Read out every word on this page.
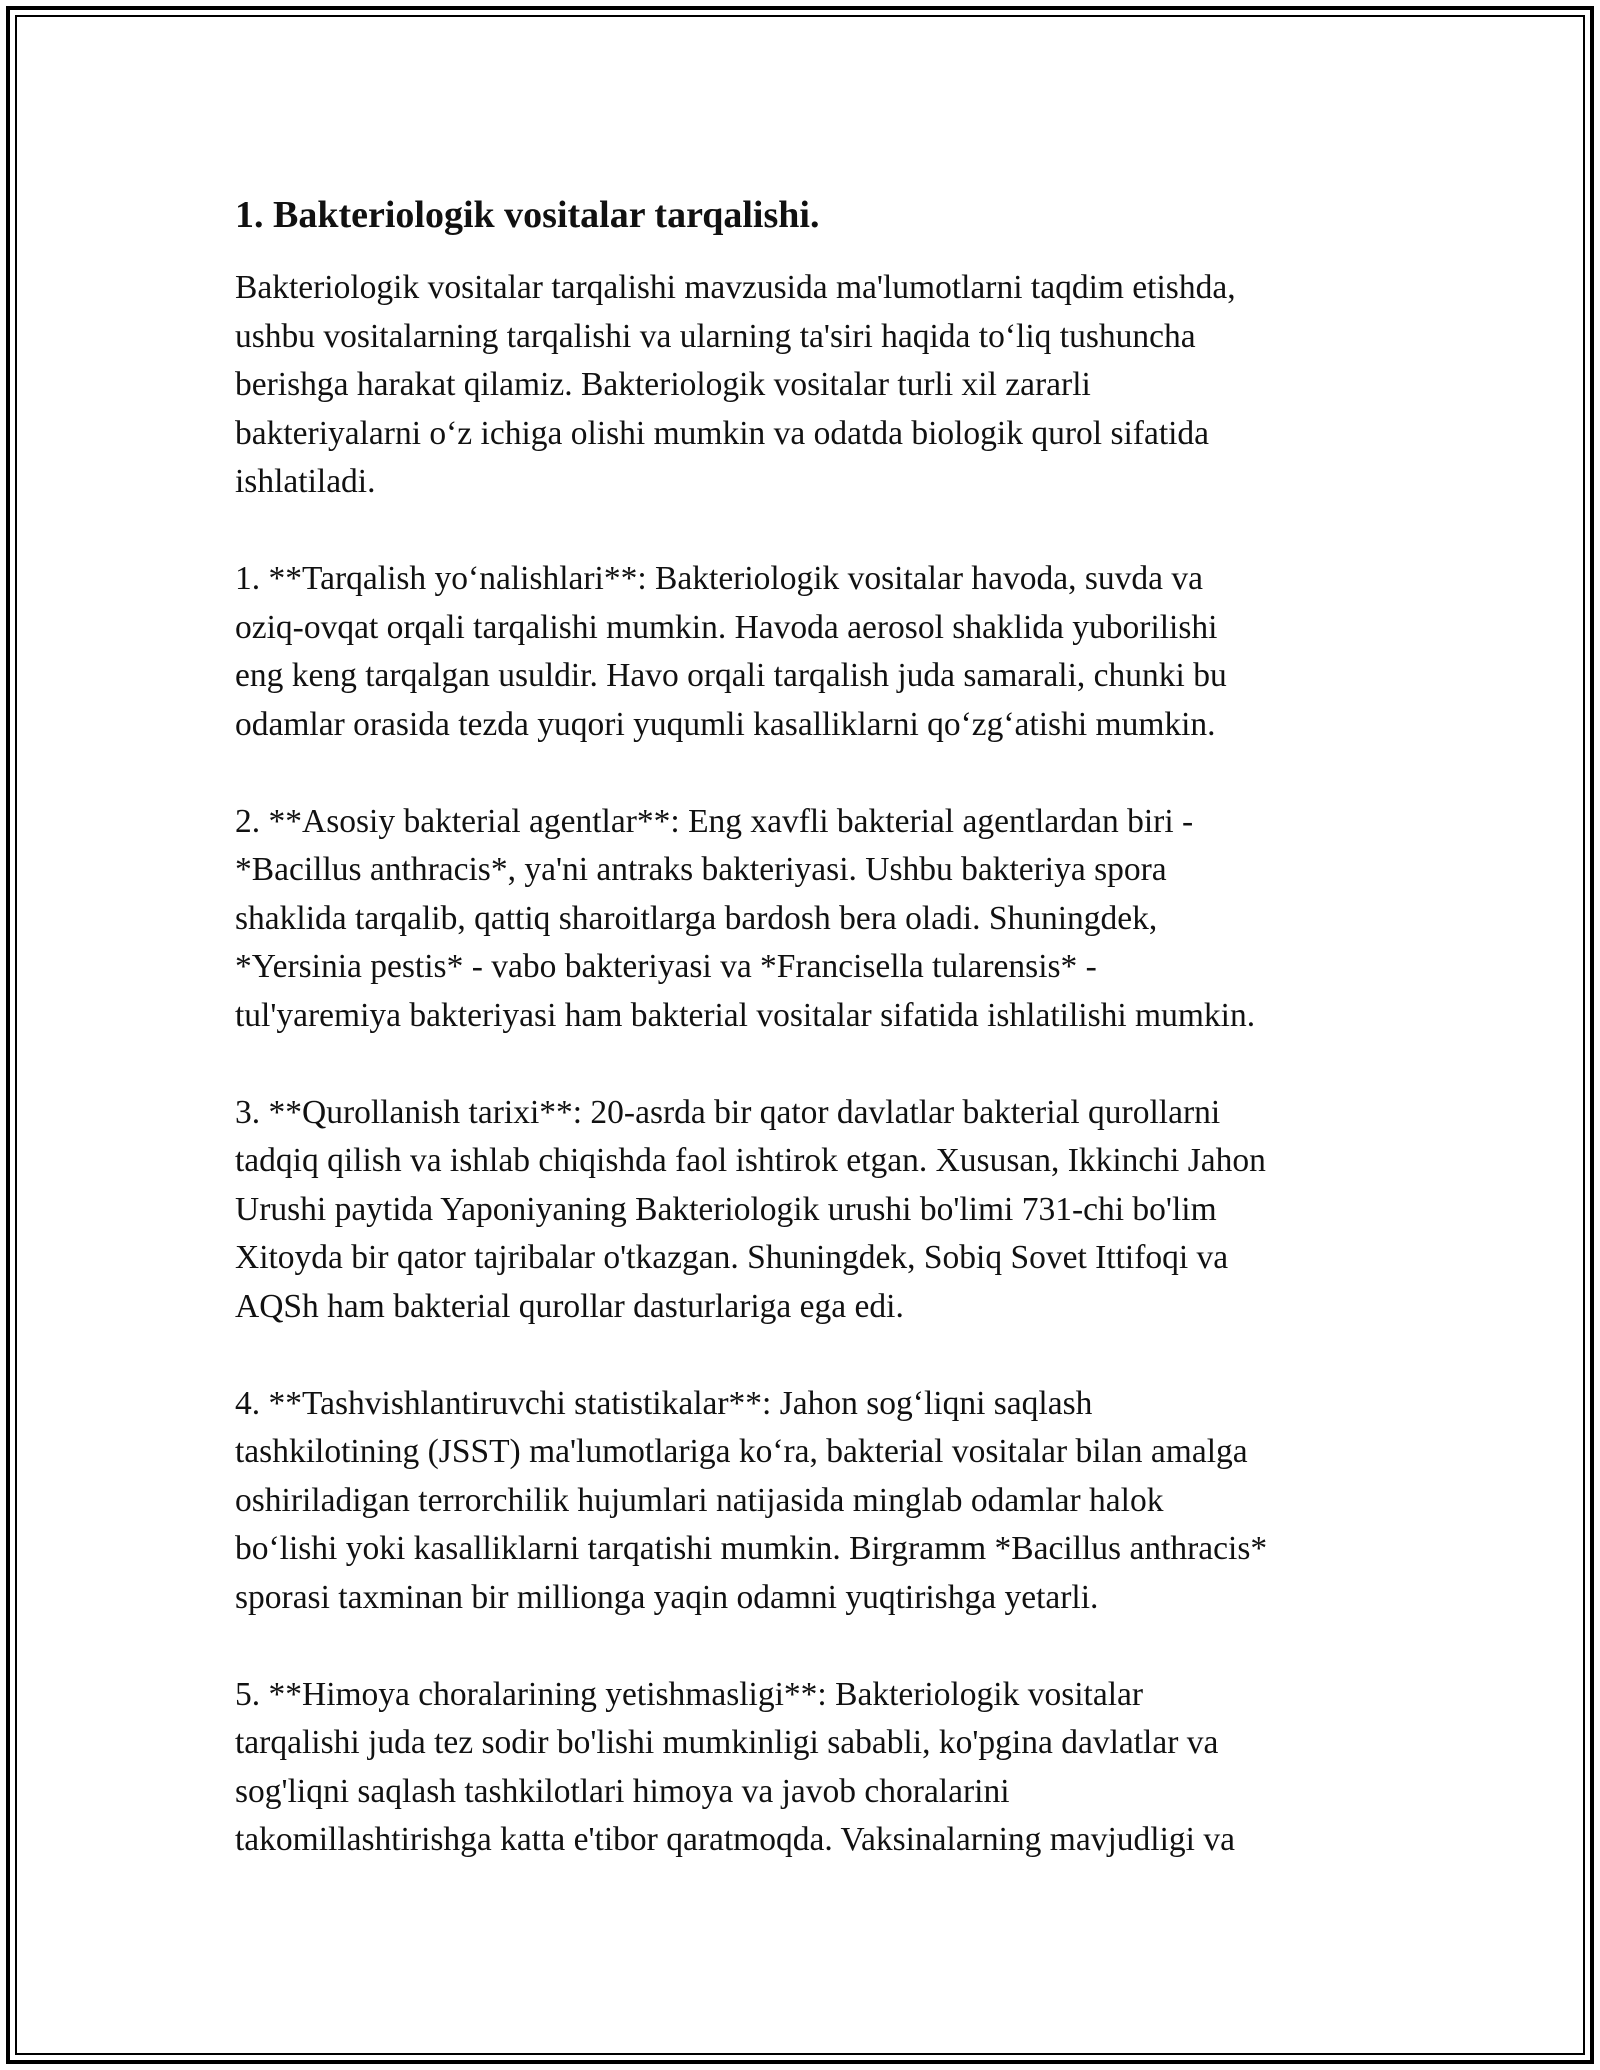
1. Bakteriologik vositalar tarqalishi.
Bakteriologik vositalar tarqalishi mavzusida ma'lumotlarni taqdim etishda,
ushbu vositalarning tarqalishi va ularning ta'siri haqida to‘liq tushuncha
berishga harakat qilamiz. Bakteriologik vositalar turli xil zararli
bakteriyalarni o‘z ichiga olishi mumkin va odatda biologik qurol sifatida
ishlatiladi.
1. **Tarqalish yo‘nalishlari**: Bakteriologik vositalar havoda, suvda va
oziq-ovqat orqali tarqalishi mumkin. Havoda aerosol shaklida yuborilishi
eng keng tarqalgan usuldir. Havo orqali tarqalish juda samarali, chunki bu
odamlar orasida tezda yuqori yuqumli kasalliklarni qo‘zg‘atishi mumkin.
2. **Asosiy bakterial agentlar**: Eng xavfli bakterial agentlardan biri -
*Bacillus anthracis*, ya'ni antraks bakteriyasi. Ushbu bakteriya spora
shaklida tarqalib, qattiq sharoitlarga bardosh bera oladi. Shuningdek,
*Yersinia pestis* - vabo bakteriyasi va *Francisella tularensis* -
tul'yaremiya bakteriyasi ham bakterial vositalar sifatida ishlatilishi mumkin.
3. **Qurollanish tarixi**: 20-asrda bir qator davlatlar bakterial qurollarni
tadqiq qilish va ishlab chiqishda faol ishtirok etgan. Xususan, Ikkinchi Jahon
Urushi paytida Yaponiyaning Bakteriologik urushi bo'limi 731-chi bo'lim
Xitoyda bir qator tajribalar o'tkazgan. Shuningdek, Sobiq Sovet Ittifoqi va
AQSh ham bakterial qurollar dasturlariga ega edi.
4. **Tashvishlantiruvchi statistikalar**: Jahon sog‘liqni saqlash
tashkilotining (JSST) ma'lumotlariga ko‘ra, bakterial vositalar bilan amalga
oshiriladigan terrorchilik hujumlari natijasida minglab odamlar halok
bo‘lishi yoki kasalliklarni tarqatishi mumkin. Birgramm *Bacillus anthracis*
sporasi taxminan bir millionga yaqin odamni yuqtirishga yetarli.
5. **Himoya choralarining yetishmasligi**: Bakteriologik vositalar
tarqalishi juda tez sodir bo'lishi mumkinligi sababli, ko'pgina davlatlar va
sog'liqni saqlash tashkilotlari himoya va javob choralarini
takomillashtirishga katta e'tibor qaratmoqda. Vaksinalarning mavjudligi va
